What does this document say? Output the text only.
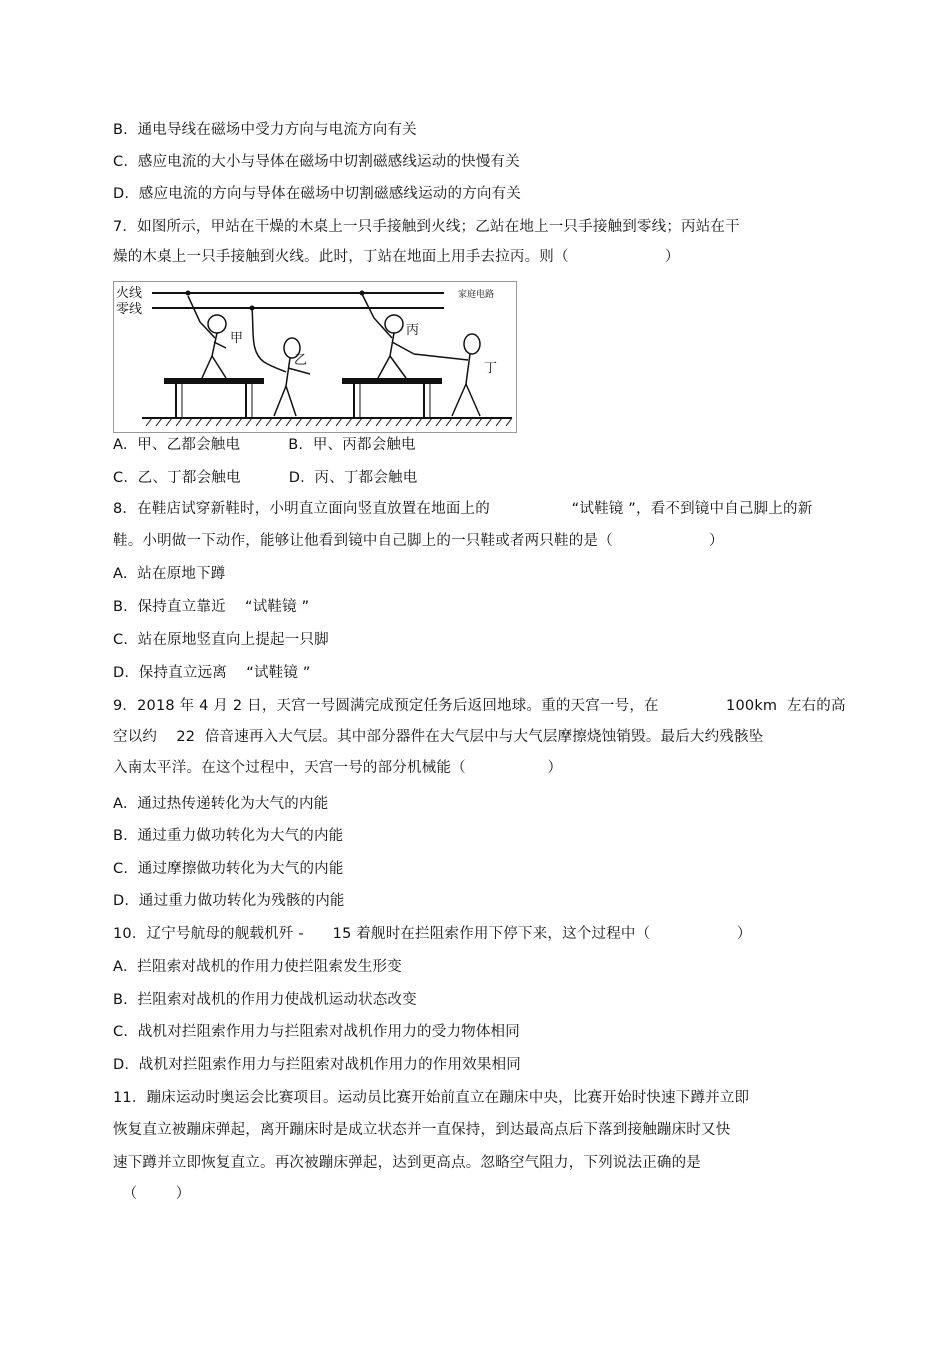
B.  通电导线在磁场中受力方向与电流方向有关
C.  感应电流的大小与导体在磁场中切割磁感线运动的快慢有关
D.  感应电流的方向与导体在磁场中切割磁感线运动的方向有关
7．如图所示，甲站在干燥的木桌上一只手接触到火线；乙站在地上一只手接触到零线；丙站在干
燥的木桌上一只手接触到火线。此时，丁站在地面上用手去拉丙。则（                    ）
火线
零线
家庭电路
甲
乙
丙
丁
A.  甲、乙都会触电          B.  甲、丙都会触电
C.  乙、丁都会触电          D.  丙、丁都会触电
8．在鞋店试穿新鞋时，小明直立面向竖直放置在地面上的                 “试鞋镜 ”，看不到镜中自己脚上的新
鞋。小明做一下动作，能够让他看到镜中自己脚上的一只鞋或者两只鞋的是（                    ）
A.  站在原地下蹲
B.  保持直立靠近    “试鞋镜 ”
C.  站在原地竖直向上提起一只脚
D.  保持直立远离    “试鞋镜 ”
9．2018 年 4 月 2 日，天宫一号圆满完成预定任务后返回地球。重的天宫一号，在              100km  左右的高
空以约    22  倍音速再入大气层。其中部分器件在大气层中与大气层摩擦烧蚀销毁。最后大约残骸坠
入南太平洋。在这个过程中，天宫一号的部分机械能（                 ）
A.  通过热传递转化为大气的内能
B.  通过重力做功转化为大气的内能
C.  通过摩擦做功转化为大气的内能
D.  通过重力做功转化为残骸的内能
10．辽宁号航母的舰载机歼 -      15 着舰时在拦阻索作用下停下来，这个过程中（                  ）
A.  拦阻索对战机的作用力使拦阻索发生形变
B.  拦阻索对战机的作用力使战机运动状态改变
C.  战机对拦阻索作用力与拦阻索对战机作用力的受力物体相同
D.  战机对拦阻索作用力与拦阻索对战机作用力的作用效果相同
11．蹦床运动时奥运会比赛项目。运动员比赛开始前直立在蹦床中央，比赛开始时快速下蹲并立即
恢复直立被蹦床弹起，离开蹦床时是成立状态并一直保持，到达最高点后下落到接触蹦床时又快
速下蹲并立即恢复直立。再次被蹦床弹起，达到更高点。忽略空气阻力，下列说法正确的是
（        ）
